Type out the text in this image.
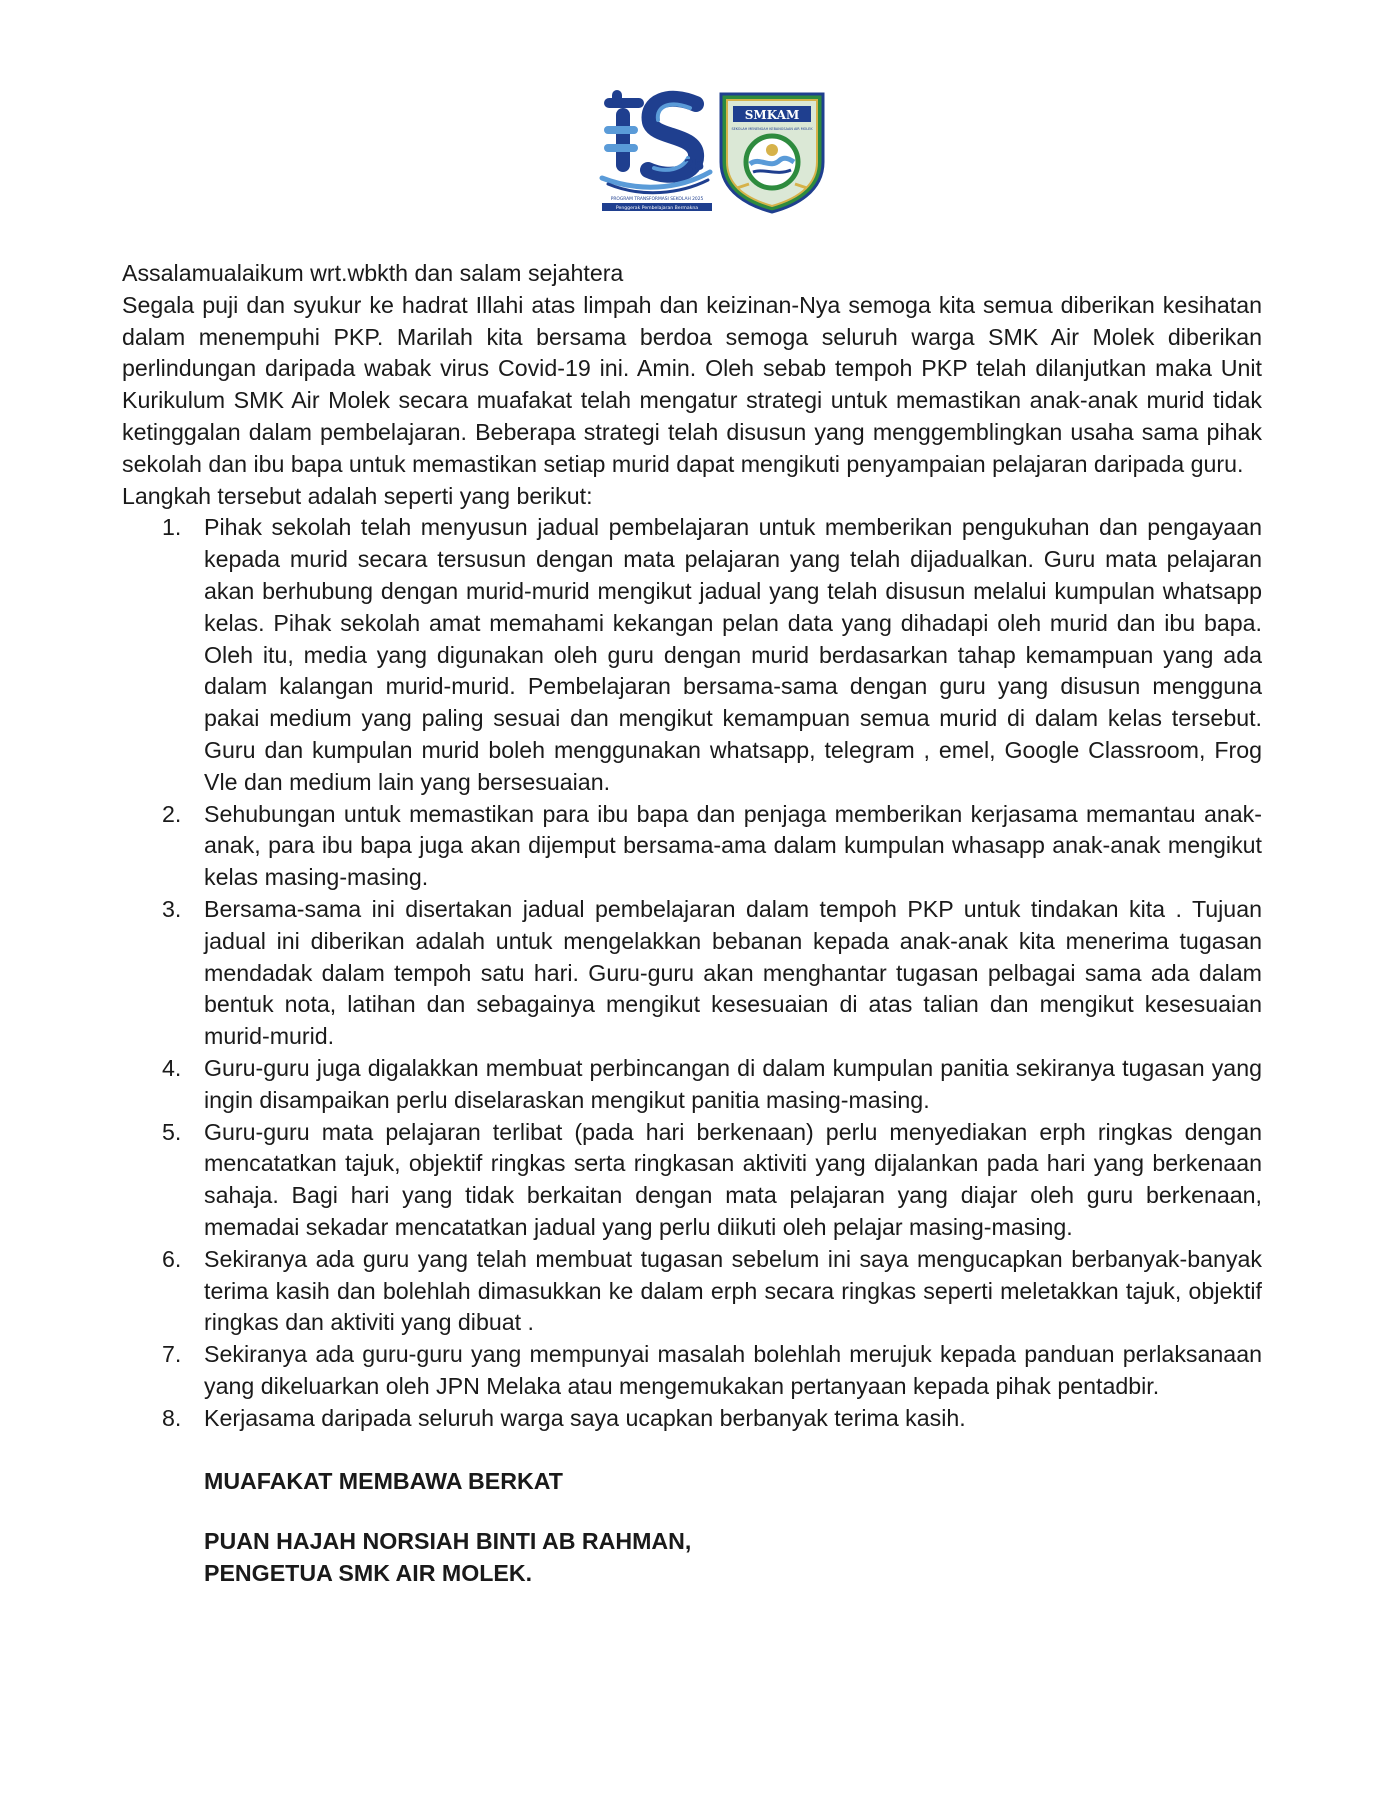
25
PROGRAM TRANSFORMASI SEKOLAH 2025
Penggerak Pembelajaran Bermakna
SMKAM
SEKOLAH MENENGAH KEBANGSAAN AIR MOLEK

Assalamualaikum wrt.wbkth dan salam sejahtera

Segala puji dan syukur ke hadrat Illahi atas limpah dan keizinan-Nya semoga kita semua diberikan kesihatan dalam menempuhi PKP. Marilah kita bersama berdoa semoga seluruh warga SMK Air Molek diberikan perlindungan daripada wabak virus Covid-19 ini. Amin. Oleh sebab tempoh PKP telah dilanjutkan maka Unit Kurikulum SMK Air Molek secara muafakat telah mengatur strategi untuk memastikan anak-anak murid tidak ketinggalan dalam pembelajaran. Beberapa strategi telah disusun yang menggemblingkan usaha sama pihak sekolah dan ibu bapa untuk memastikan setiap murid dapat mengikuti penyampaian pelajaran daripada guru.

Langkah tersebut adalah seperti yang berikut:

1. Pihak sekolah telah menyusun jadual pembelajaran untuk memberikan pengukuhan dan pengayaan kepada murid secara tersusun dengan mata pelajaran yang telah dijadualkan. Guru mata pelajaran akan berhubung dengan murid-murid mengikut jadual yang telah disusun melalui kumpulan whatsapp kelas. Pihak sekolah amat memahami kekangan pelan data yang dihadapi oleh murid dan ibu bapa. Oleh itu, media yang digunakan oleh guru dengan murid berdasarkan tahap kemampuan yang ada dalam kalangan murid-murid. Pembelajaran bersama-sama dengan guru yang disusun mengguna pakai medium yang paling sesuai dan mengikut kemampuan semua murid di dalam kelas tersebut. Guru dan kumpulan murid boleh menggunakan whatsapp, telegram , emel, Google Classroom, Frog Vle dan medium lain yang bersesuaian.
2. Sehubungan untuk memastikan para ibu bapa dan penjaga memberikan kerjasama memantau anak-anak, para ibu bapa juga akan dijemput bersama-ama dalam kumpulan whasapp anak-anak mengikut kelas masing-masing.
3. Bersama-sama ini disertakan jadual pembelajaran dalam tempoh PKP untuk tindakan kita . Tujuan jadual ini diberikan adalah untuk mengelakkan bebanan kepada anak-anak kita menerima tugasan mendadak dalam tempoh satu hari. Guru-guru akan menghantar tugasan pelbagai sama ada dalam bentuk nota, latihan dan sebagainya mengikut kesesuaian di atas talian dan mengikut kesesuaian murid-murid.
4. Guru-guru juga digalakkan membuat perbincangan di dalam kumpulan panitia sekiranya tugasan yang ingin disampaikan perlu diselaraskan mengikut panitia masing-masing.
5. Guru-guru mata pelajaran terlibat (pada hari berkenaan) perlu menyediakan erph ringkas dengan mencatatkan tajuk, objektif ringkas serta ringkasan aktiviti yang dijalankan pada hari yang berkenaan sahaja. Bagi hari yang tidak berkaitan dengan mata pelajaran yang diajar oleh guru berkenaan, memadai sekadar mencatatkan jadual yang perlu diikuti oleh pelajar masing-masing.
6. Sekiranya ada guru yang telah membuat tugasan sebelum ini saya mengucapkan berbanyak-banyak terima kasih dan bolehlah dimasukkan ke dalam erph secara ringkas seperti meletakkan tajuk, objektif ringkas dan aktiviti yang dibuat .
7. Sekiranya ada guru-guru yang mempunyai masalah bolehlah merujuk kepada panduan perlaksanaan yang dikeluarkan oleh JPN Melaka atau mengemukakan pertanyaan kepada pihak pentadbir.
8. Kerjasama daripada seluruh warga saya ucapkan berbanyak terima kasih.

MUAFAKAT MEMBAWA BERKAT

PUAN HAJAH NORSIAH BINTI AB RAHMAN,

PENGETUA SMK AIR MOLEK.
